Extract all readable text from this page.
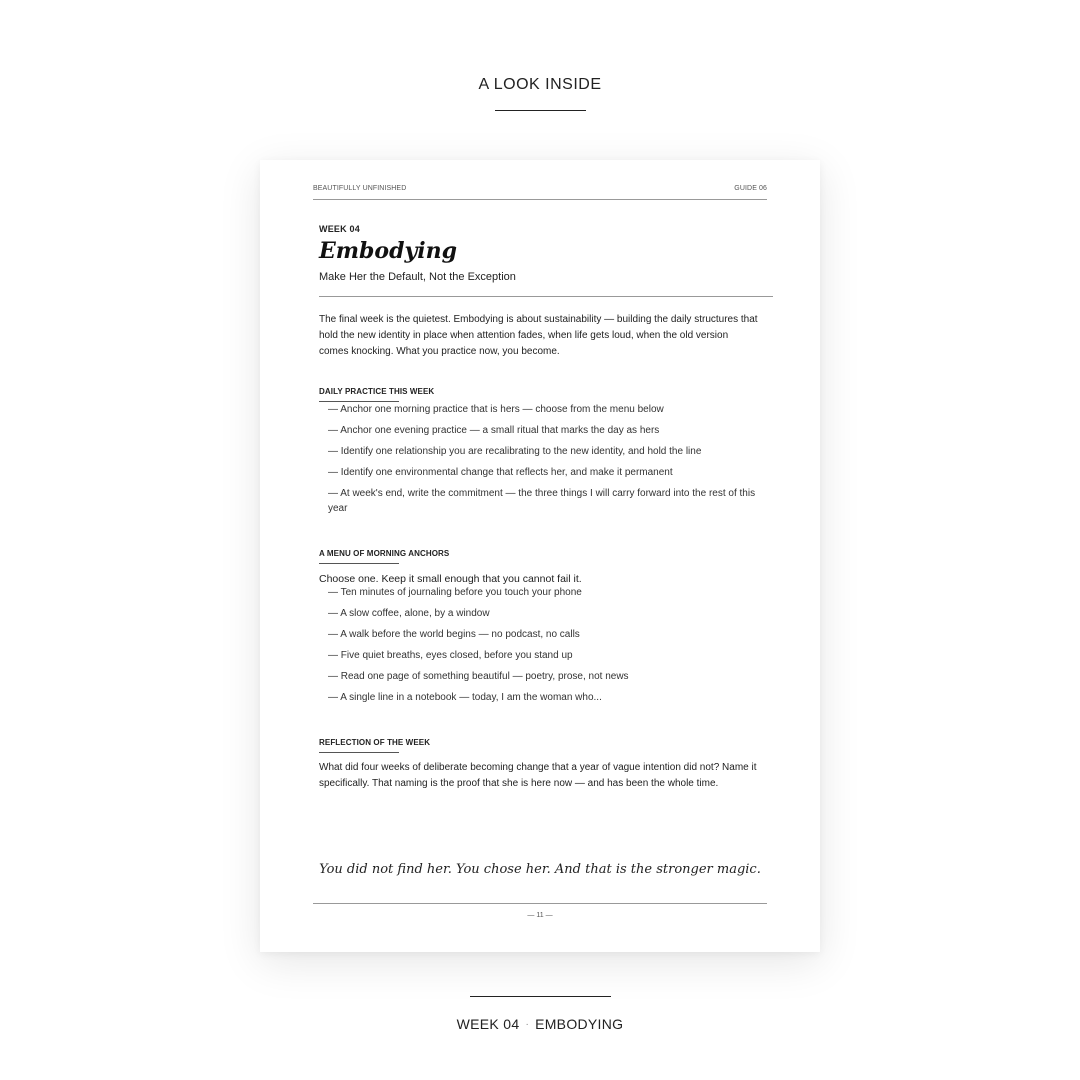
A LOOK INSIDE
BEAUTIFULLY UNFINISHED	GUIDE 06

WEEK 04

Embodying

Make Her the Default, Not the Exception

The final week is the quietest. Embodying is about sustainability — building the daily structures that hold the new identity in place when attention fades, when life gets loud, when the old version comes knocking. What you practice now, you become.

DAILY PRACTICE THIS WEEK

— Anchor one morning practice that is hers — choose from the menu below
— Anchor one evening practice — a small ritual that marks the day as hers
— Identify one relationship you are recalibrating to the new identity, and hold the line
— Identify one environmental change that reflects her, and make it permanent
— At week's end, write the commitment — the three things I will carry forward into the rest of this year

A MENU OF MORNING ANCHORS

Choose one. Keep it small enough that you cannot fail it.

— Ten minutes of journaling before you touch your phone
— A slow coffee, alone, by a window
— A walk before the world begins — no podcast, no calls
— Five quiet breaths, eyes closed, before you stand up
— Read one page of something beautiful — poetry, prose, not news
— A single line in a notebook — today, I am the woman who...

REFLECTION OF THE WEEK

What did four weeks of deliberate becoming change that a year of vague intention did not? Name it specifically. That naming is the proof that she is here now — and has been the whole time.

You did not find her. You chose her. And that is the stronger magic.
— 11 —
WEEK 04 · EMBODYING
